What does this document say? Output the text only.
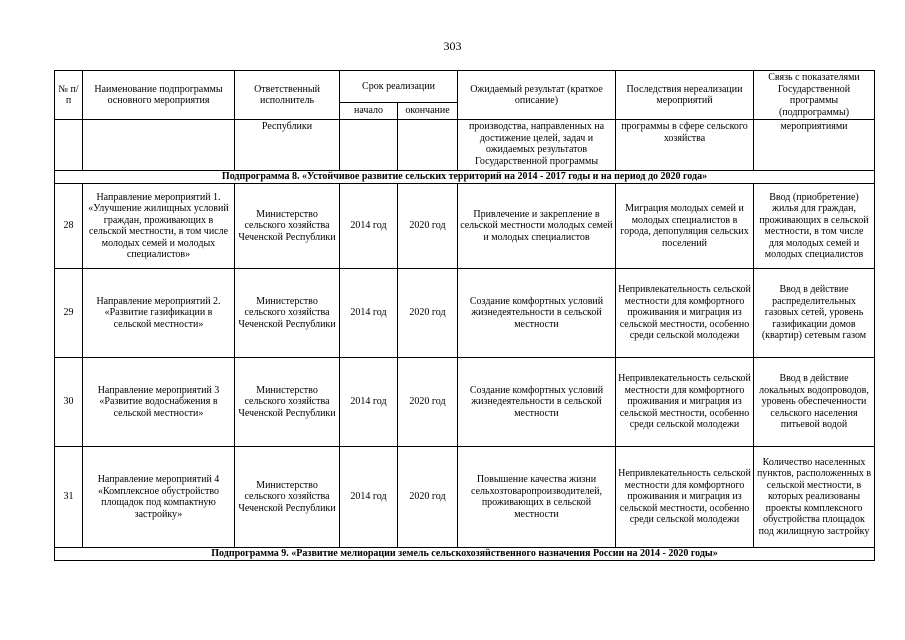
303
№ п/п	Наименование подпрограммы основного мероприятия	Ответственный исполнитель	Срок реализации		Ожидаемый результат (краткое описание)	Последствия нереализации мероприятий	Связь с показателями Государственной программы (подпрограммы)
			начало	окончание			
		Республики			производства, направленных на достижение целей, задач и ожидаемых результатов Государственной программы	программы в сфере сельского хозяйства	мероприятиями
Подпрограмма 8. «Устойчивое развитие сельских территорий на 2014 - 2017 годы и на период до 2020 года»							
28	Направление мероприятий 1. «Улучшение жилищных условий граждан, проживающих в сельской местности, в том числе молодых семей и молодых специалистов»	Министерство сельского хозяйства Чеченской Республики	2014 год	2020 год	Привлечение и закрепление в сельской местности молодых семей и молодых специалистов	Миграция молодых семей и молодых специалистов в города, депопуляция сельских поселений	Ввод (приобретение) жилья для граждан, проживающих в сельской местности, в том числе для молодых семей и молодых специалистов
29	Направление мероприятий 2. «Развитие газификации в сельской местности»	Министерство сельского хозяйства Чеченской Республики	2014 год	2020 год	Создание комфортных условий жизнедеятельности в сельской местности	Непривлекательность сельской местности для комфортного проживания и миграция из сельской местности, особенно среди сельской молодежи	Ввод в действие распределительных газовых сетей, уровень газификации домов (квартир) сетевым газом
30	Направление мероприятий 3 «Развитие водоснабжения в сельской местности»	Министерство сельского хозяйства Чеченской Республики	2014 год	2020 год	Создание комфортных условий жизнедеятельности в сельской местности	Непривлекательность сельской местности для комфортного проживания и миграция из сельской местности, особенно среди сельской молодежи	Ввод в действие локальных водопроводов, уровень обеспеченности сельского населения питьевой водой
31	Направление мероприятий 4 «Комплексное обустройство площадок под компактную застройку»	Министерство сельского хозяйства Чеченской Республики	2014 год	2020 год	Повышение качества жизни сельхозтоваропроизводителей, проживающих в сельской местности	Непривлекательность сельской местности для комфортного проживания и миграция из сельской местности, особенно среди сельской молодежи	Количество населенных пунктов, расположенных в сельской местности, в которых реализованы проекты комплексного обустройства площадок под жилищную застройку
Подпрограмма 9. «Развитие мелиорации земель сельскохозяйственного назначения России на 2014 - 2020 годы»							
